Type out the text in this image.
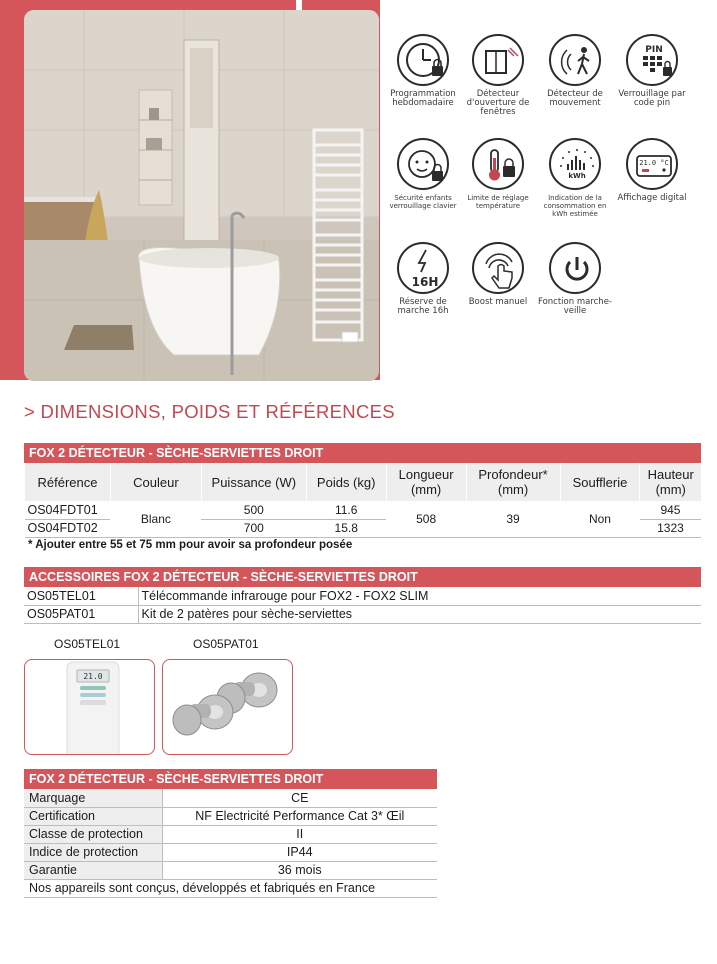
Programmation hebdomadaire
Détecteur d'ouverture de fenêtres
Détecteur de mouvement
PIN
Verrouillage par code pin
Sécurité enfants verrouillage clavier
Limite de réglage température
kWh
Indication de la consommation en kWh estimée
21.0 °C
Affichage digital
16H
Réserve de marche 16h
Boost manuel	Fonction marche-veille
> DIMENSIONS, POIDS ET RÉFÉRENCES
FOX 2 DÉTECTEUR - SÈCHE-SERVIETTES DROIT
Référence	Couleur	Puissance (W)	Poids (kg)	Longueur (mm)	Profondeur* (mm)	Soufflerie	Hauteur (mm)
OS04FDT01	Blanc	500	11.6	508	39	Non	945
OS04FDT02		700	15.8				1323
* Ajouter entre 55 et 75 mm pour avoir sa profondeur posée
ACCESSOIRES FOX 2 DÉTECTEUR - SÈCHE-SERVIETTES DROIT
OS05TEL01	Télécommande infrarouge pour FOX2 - FOX2 SLIM
OS05PAT01	Kit de 2 patères pour sèche-serviettes
OS05TEL01	OS05PAT01
21.0
FOX 2 DÉTECTEUR - SÈCHE-SERVIETTES DROIT
Marquage	CE
Certification	NF Electricité Performance Cat 3* Œil
Classe de protection	II
Indice de protection	IP44
Garantie	36 mois
Nos appareils sont conçus, développés et fabriqués en France	
